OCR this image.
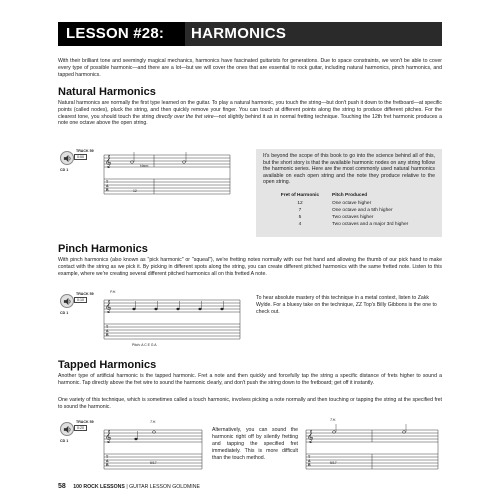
LESSON #28: HARMONICS
With their brilliant tone and seemingly magical mechanics, harmonics have fascinated guitarists for generations. Due to space constraints, we won't be able to cover every type of possible harmonic—and there are a lot—but we will cover the ones that are essential to rock guitar, including natural harmonics, pinch harmonics, and tapped harmonics.
Natural Harmonics
Natural harmonics are normally the first type learned on the guitar. To play a natural harmonic, you touch the string—but don't push it down to the fretboard—at specific points (called nodes), pluck the string, and then quickly remove your finger. You can touch at different points along the string to produce different pitches. For the clearest tone, you should touch the string directly over the fret wire—not slightly behind it as in normal fretting technique. Touching the 12th fret harmonic produces a note one octave above the open string.
TRACK 59
0:00
CD 1
𝄞
T
A
B
Harm.
12
It's beyond the scope of this book to go into the science behind all of this, but the short story is that the available harmonic nodes on any string follow the harmonic series. Here are the most commonly used natural harmonics available on each open string and the note they produce relative to the open string.
Fret of Harmonic	Pitch Produced
12	One octave higher
7	One octave and a 5th higher
5	Two octaves higher
4	Two octaves and a major 3rd higher
Pinch Harmonics
With pinch harmonics (also known as "pick harmonic" or "squeal"), we're fretting notes normally with our fret hand and allowing the thumb of our pick hand to make contact with the string as we pick it. By picking in different spots along the string, you can create different pitched harmonics with the same fretted note. Listen to this example, where we're creating several different pitched harmonics all on this fretted A note.
TRACK 59
0:10
CD 1	𝄞
T
A
B
P.H.
Pitch: A C E G A
To hear absolute mastery of this technique in a metal context, listen to Zakk Wylde. For a bluesy take on the technique, ZZ Top's Billy Gibbons is the one to check out.
Tapped Harmonics
Another type of artificial harmonic is the tapped harmonic. Fret a note and then quickly and forcefully tap the string a specific distance of frets higher to sound a harmonic. Tap directly above the fret wire to sound the harmonic clearly, and don't push the string down to the fretboard; get off it instantly.
One variety of this technique, which is sometimes called a touch harmonic, involves picking a note normally and then touching or tapping the string at the specified fret to sound the harmonic.
TRACK 59
0:20
CD 1	𝄞
T
A
B
T.H.
5/17
Alternatively, you can sound the harmonic right off by silently fretting and tapping the specified fret immediately. This is more difficult than the touch method.
𝄞
T
A
B
T.H.
5/17
58 100 ROCK LESSONS | GUITAR LESSON GOLDMINE
